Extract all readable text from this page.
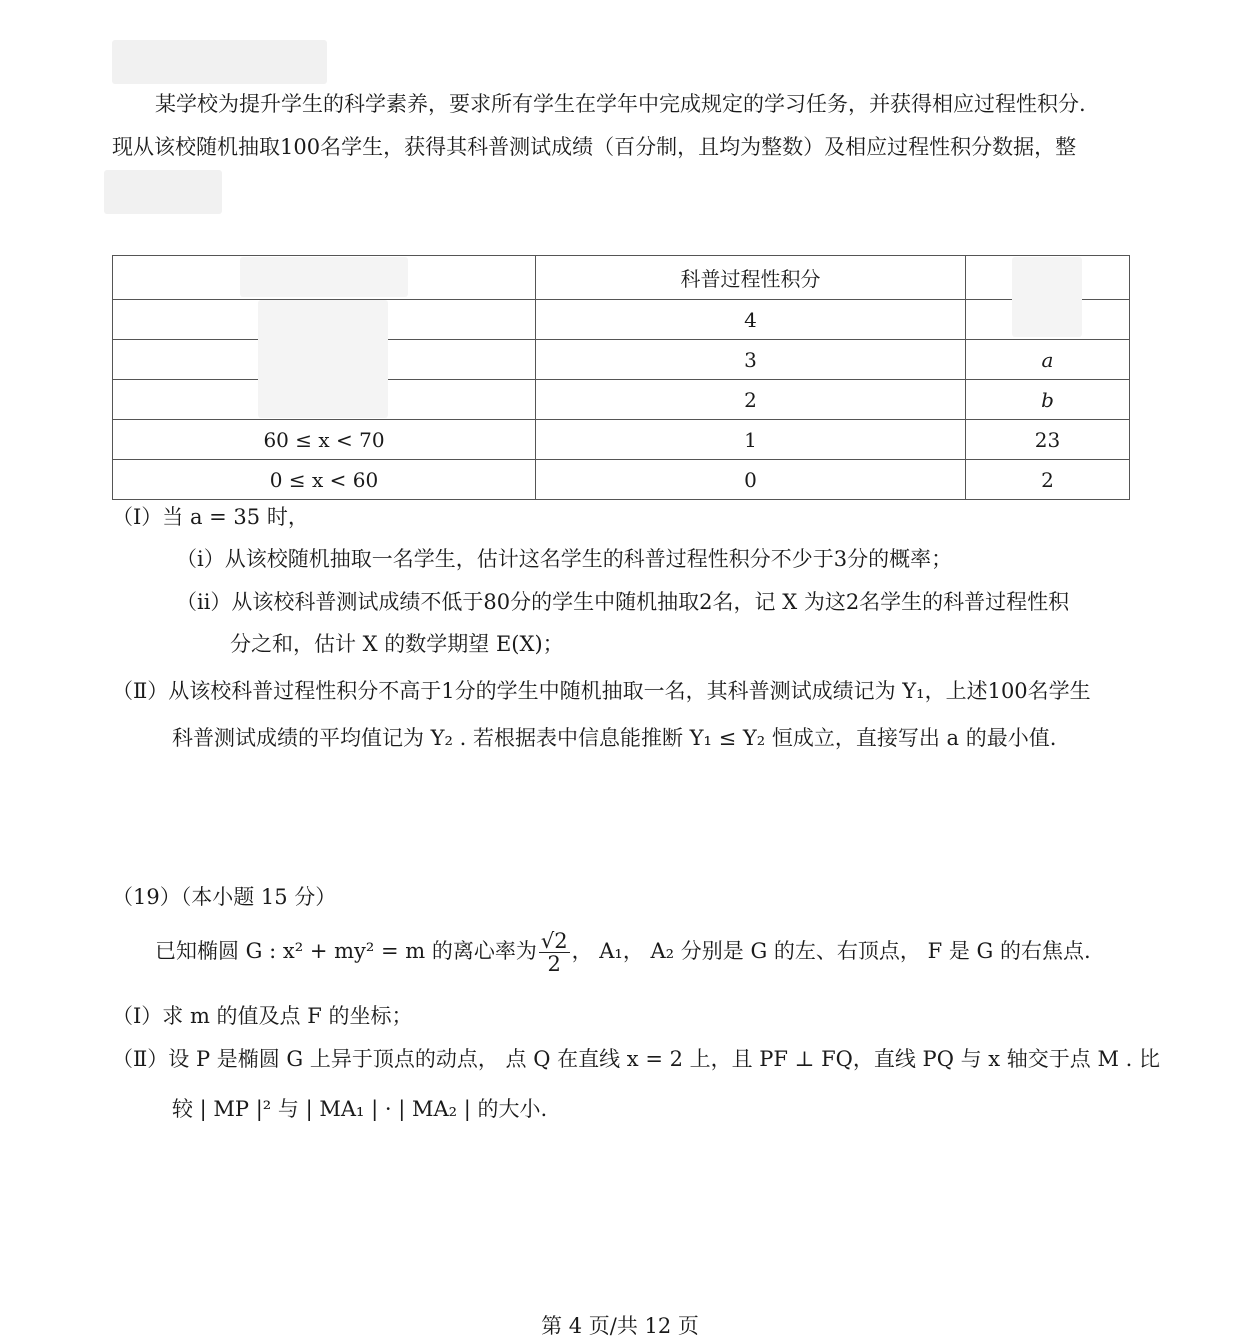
某学校为提升学生的科学素养，要求所有学生在学年中完成规定的学习任务，并获得相应过程性积分.
现从该校随机抽取100名学生，获得其科普测试成绩（百分制，且均为整数）及相应过程性积分数据，整
	科普过程性积分	
	4	
	3	a
	2	b
60 ≤ x < 70	1	23
0 ≤ x < 60	0	2
（Ⅰ）当 a = 35 时，
（ⅰ）从该校随机抽取一名学生，估计这名学生的科普过程性积分不少于3分的概率；
（ⅱ）从该校科普测试成绩不低于80分的学生中随机抽取2名，记 X 为这2名学生的科普过程性积
分之和，估计 X 的数学期望 E(X)；
（Ⅱ）从该校科普过程性积分不高于1分的学生中随机抽取一名，其科普测试成绩记为 Y₁，上述100名学生
科普测试成绩的平均值记为 Y₂ . 若根据表中信息能推断 Y₁ ≤ Y₂ 恒成立，直接写出 a 的最小值.
（19）（本小题 15 分）
已知椭圆 G : x² + my² = m 的离心率为 $\frac{√2}{2}$ ， A₁， A₂ 分别是 G 的左、右顶点， F 是 G 的右焦点.
（Ⅰ）求 m 的值及点 F 的坐标；
（Ⅱ）设 P 是椭圆 G 上异于顶点的动点， 点 Q 在直线 x = 2 上，且 PF ⊥ FQ，直线 PQ 与 x 轴交于点 M . 比
较 | MP |² 与 | MA₁ | · | MA₂ | 的大小.
第 4 页/共 12 页
